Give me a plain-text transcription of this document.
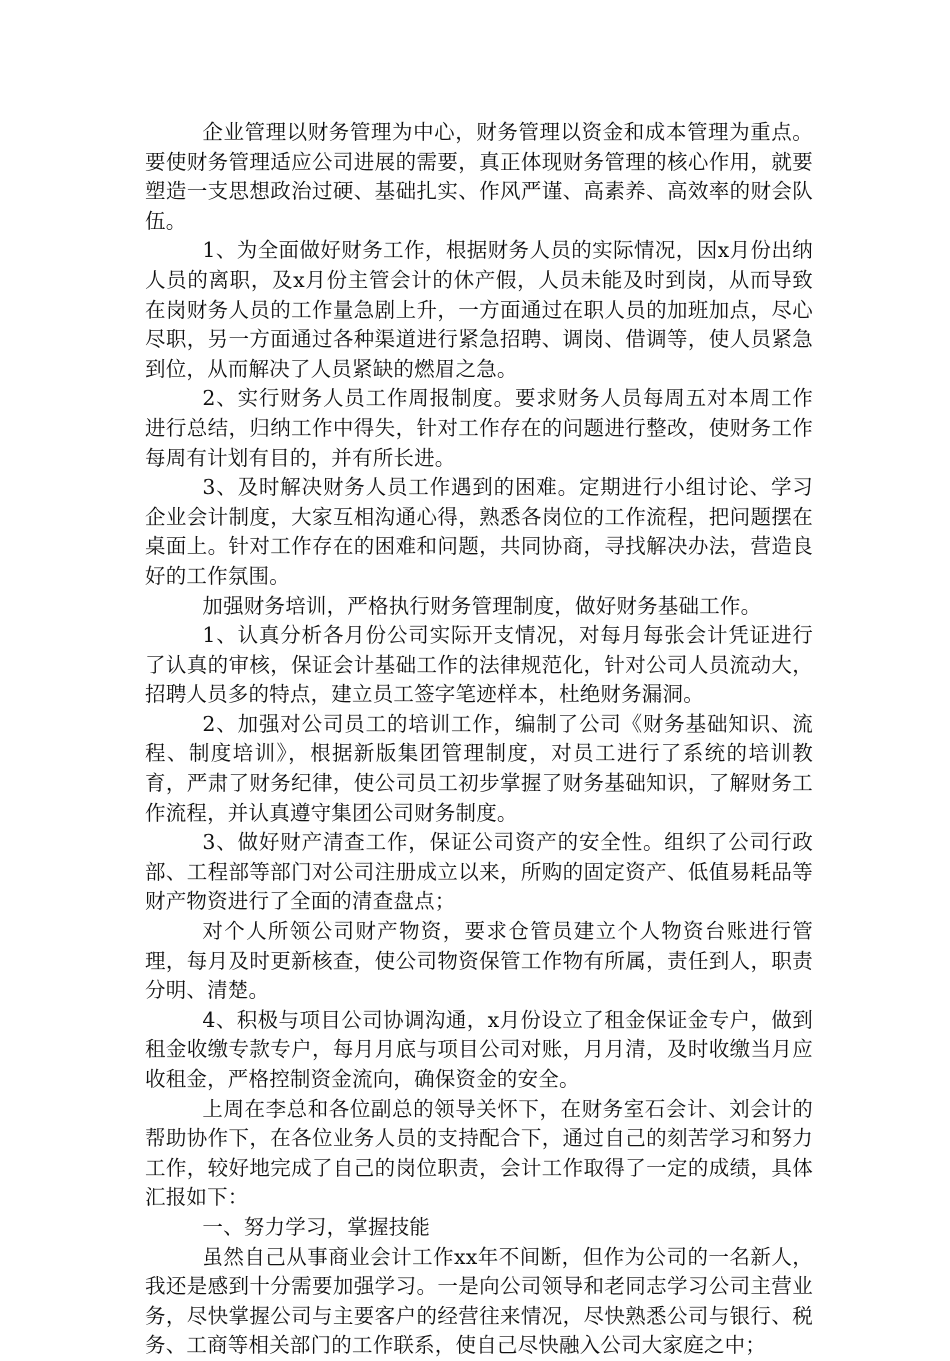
企业管理以财务管理为中心，财务管理以资金和成本管理为重点。要使财务管理适应公司进展的需要，真正体现财务管理的核心作用，就要塑造一支思想政治过硬、基础扎实、作风严谨、高素养、高效率的财会队伍。

1、为全面做好财务工作，根据财务人员的实际情况，因x月份出纳人员的离职，及x月份主管会计的休产假，人员未能及时到岗，从而导致在岗财务人员的工作量急剧上升，一方面通过在职人员的加班加点，尽心尽职，另一方面通过各种渠道进行紧急招聘、调岗、借调等，使人员紧急到位，从而解决了人员紧缺的燃眉之急。

2、实行财务人员工作周报制度。要求财务人员每周五对本周工作进行总结，归纳工作中得失，针对工作存在的问题进行整改，使财务工作每周有计划有目的，并有所长进。

3、及时解决财务人员工作遇到的困难。定期进行小组讨论、学习企业会计制度，大家互相沟通心得，熟悉各岗位的工作流程，把问题摆在桌面上。针对工作存在的困难和问题，共同协商，寻找解决办法，营造良好的工作氛围。

加强财务培训，严格执行财务管理制度，做好财务基础工作。

1、认真分析各月份公司实际开支情况，对每月每张会计凭证进行了认真的审核，保证会计基础工作的法律规范化，针对公司人员流动大，招聘人员多的特点，建立员工签字笔迹样本，杜绝财务漏洞。

2、加强对公司员工的培训工作，编制了公司《财务基础知识、流程、制度培训》，根据新版集团管理制度，对员工进行了系统的培训教育，严肃了财务纪律，使公司员工初步掌握了财务基础知识，了解财务工作流程，并认真遵守集团公司财务制度。

3、做好财产清查工作，保证公司资产的安全性。组织了公司行政部、工程部等部门对公司注册成立以来，所购的固定资产、低值易耗品等财产物资进行了全面的清查盘点；

对个人所领公司财产物资，要求仓管员建立个人物资台账进行管理，每月及时更新核查，使公司物资保管工作物有所属，责任到人，职责分明、清楚。

4、积极与项目公司协调沟通，x月份设立了租金保证金专户，做到租金收缴专款专户，每月月底与项目公司对账，月月清，及时收缴当月应收租金，严格控制资金流向，确保资金的安全。

上周在李总和各位副总的领导关怀下，在财务室石会计、刘会计的帮助协作下，在各位业务人员的支持配合下，通过自己的刻苦学习和努力工作，较好地完成了自己的岗位职责，会计工作取得了一定的成绩，具体汇报如下：

一、努力学习，掌握技能

虽然自己从事商业会计工作xx年不间断，但作为公司的一名新人，我还是感到十分需要加强学习。一是向公司领导和老同志学习公司主营业务，尽快掌握公司与主要客户的经营往来情况，尽快熟悉公司与银行、税务、工商等相关部门的工作联系，使自己尽快融入公司大家庭之中；
